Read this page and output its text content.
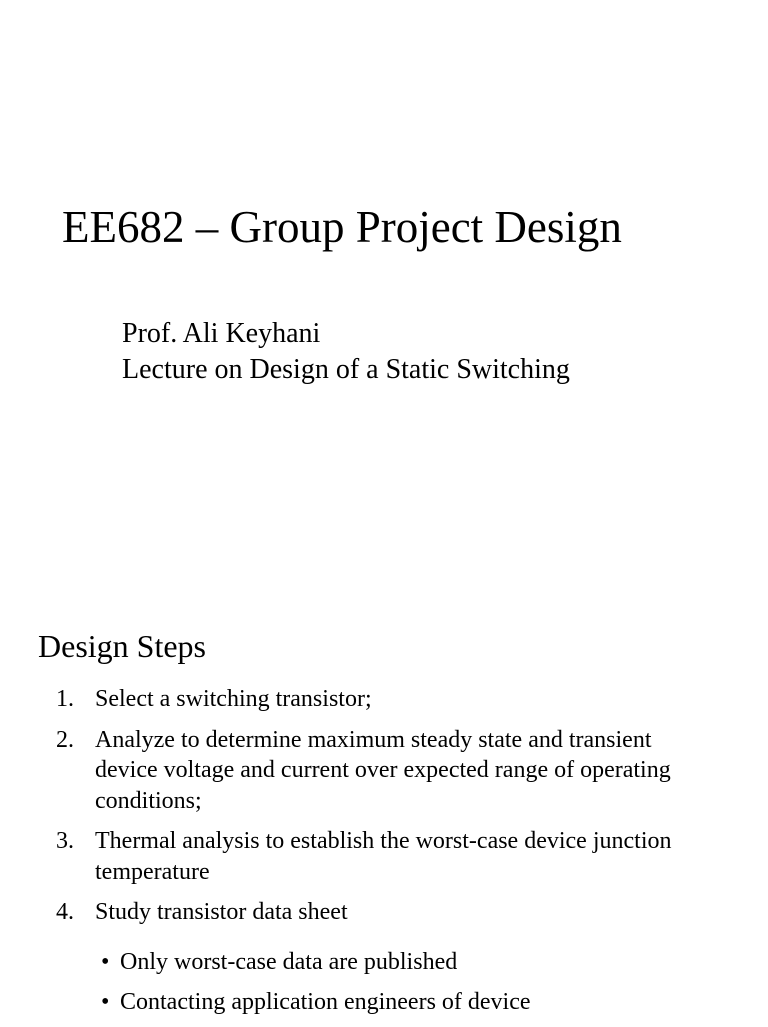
EE682 – Group Project Design
Prof. Ali Keyhani
Lecture on Design of a Static Switching
Design Steps
1. Select a switching transistor;
2. Analyze to determine maximum steady state and transient device voltage and current over expected range of operating conditions;
3. Thermal analysis to establish the worst-case device junction temperature
4. Study transistor data sheet
• Only worst-case data are published
• Contacting application engineers of device
